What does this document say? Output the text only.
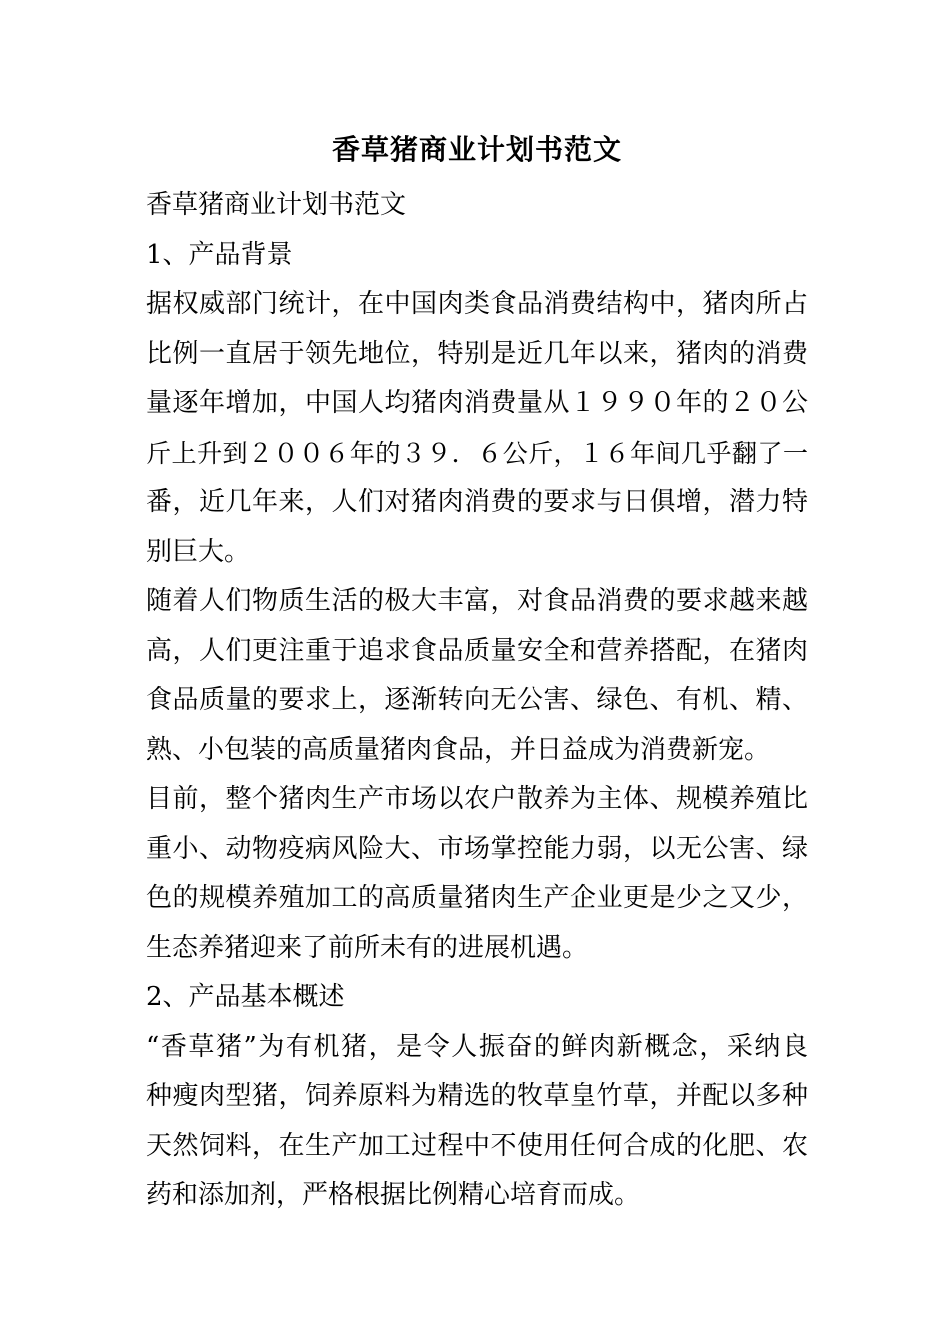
香草猪商业计划书范文
香草猪商业计划书范文
1、产品背景
据权威部门统计，在中国肉类食品消费结构中，猪肉所占
比例一直居于领先地位，特别是近几年以来，猪肉的消费
量逐年增加，中国人均猪肉消费量从１９９０年的２０公
斤上升到２００６年的３９．６公斤，１６年间几乎翻了一
番，近几年来，人们对猪肉消费的要求与日俱增，潜力特
别巨大。
随着人们物质生活的极大丰富，对食品消费的要求越来越
高，人们更注重于追求食品质量安全和营养搭配，在猪肉
食品质量的要求上，逐渐转向无公害、绿色、有机、精、
熟、小包装的高质量猪肉食品，并日益成为消费新宠。
目前，整个猪肉生产市场以农户散养为主体、规模养殖比
重小、动物疫病风险大、市场掌控能力弱，以无公害、绿
色的规模养殖加工的高质量猪肉生产企业更是少之又少，
生态养猪迎来了前所未有的进展机遇。
2、产品基本概述
“香草猪”为有机猪，是令人振奋的鲜肉新概念，采纳良
种瘦肉型猪，饲养原料为精选的牧草皇竹草，并配以多种
天然饲料，在生产加工过程中不使用任何合成的化肥、农
药和添加剂，严格根据比例精心培育而成。
